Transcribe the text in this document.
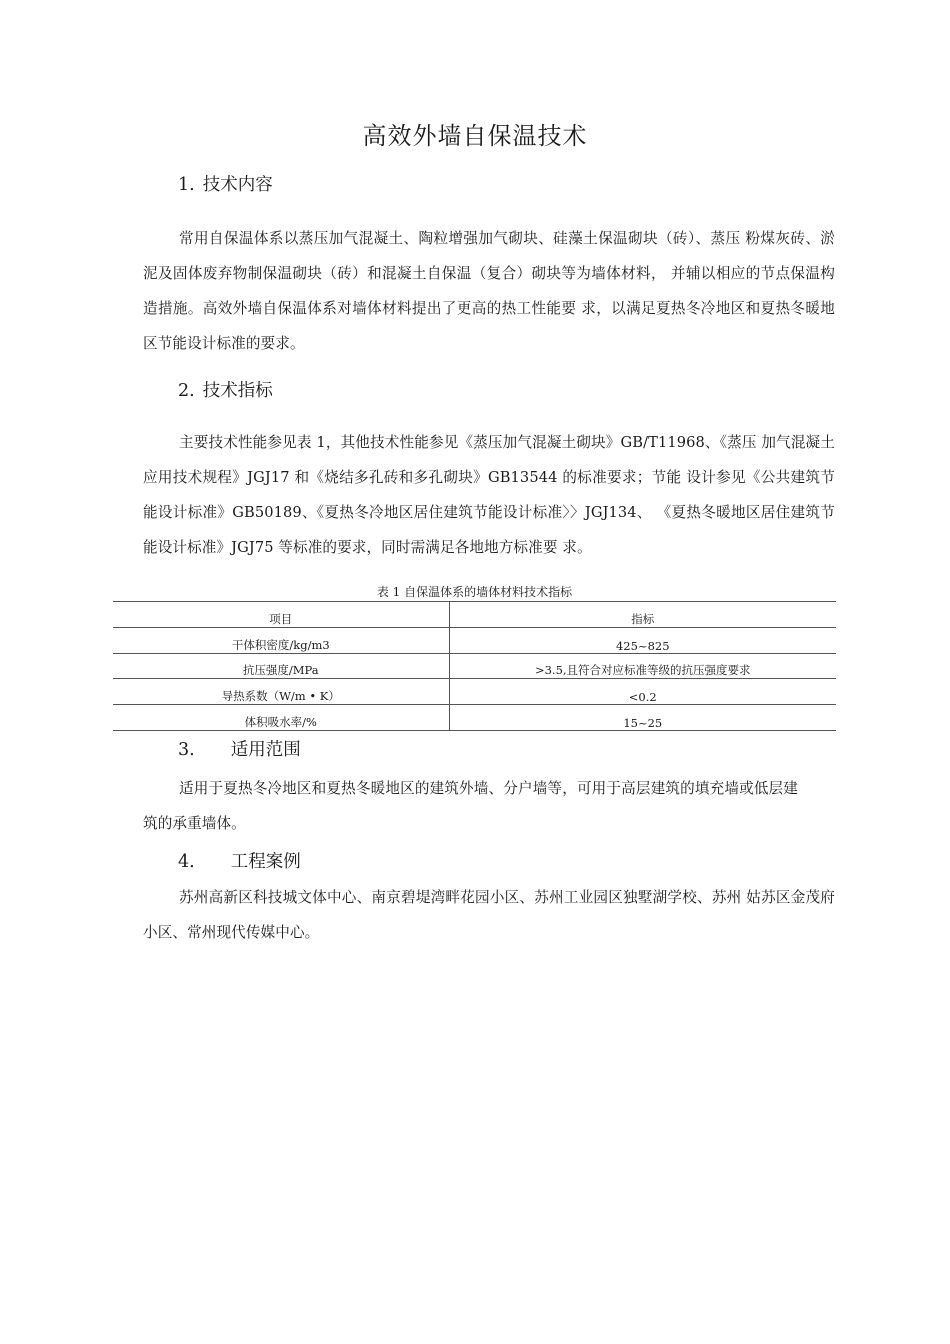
高效外墙自保温技术
1. 技术内容
常用自保温体系以蒸压加气混凝土、陶粒增强加气砌块、硅藻土保温砌块（砖）、蒸压 粉煤灰砖、淤泥及固体废弃物制保温砌块（砖）和混凝土自保温（复合）砌块等为墙体材料， 并辅以相应的节点保温构造措施。高效外墙自保温体系对墙体材料提出了更高的热工性能要 求，以满足夏热冬冷地区和夏热冬暖地区节能设计标准的要求。
2. 技术指标
主要技术性能参见表 1，其他技术性能参见《蒸压加气混凝土砌块》GB/T11968、《蒸压 加气混凝土应用技术规程》JGJ17 和《烧结多孔砖和多孔砌块》GB13544 的标准要求；节能 设计参见《公共建筑节能设计标准》GB50189、《夏热冬冷地区居住建筑节能设计标准〉〉JGJ134、 《夏热冬暖地区居住建筑节能设计标准》JGJ75 等标准的要求，同时需满足各地地方标准要 求。
表 1 自保温体系的墙体材料技术指标
项目	指标
干体积密度/kg/m3	425~825
抗压强度/MPa	>3.5,且符合对应标准等级的抗压强度要求
导热系数（W/m • K）	<0.2
体积吸水率/%	15~25
3. 适用范围
适用于夏热冬冷地区和夏热冬暖地区的建筑外墙、分户墙等，可用于高层建筑的填充墙或低层建筑的承重墙体。
4. 工程案例
苏州高新区科技城文体中心、南京碧堤湾畔花园小区、苏州工业园区独墅湖学校、苏州 姑苏区金茂府小区、常州现代传媒中心。
